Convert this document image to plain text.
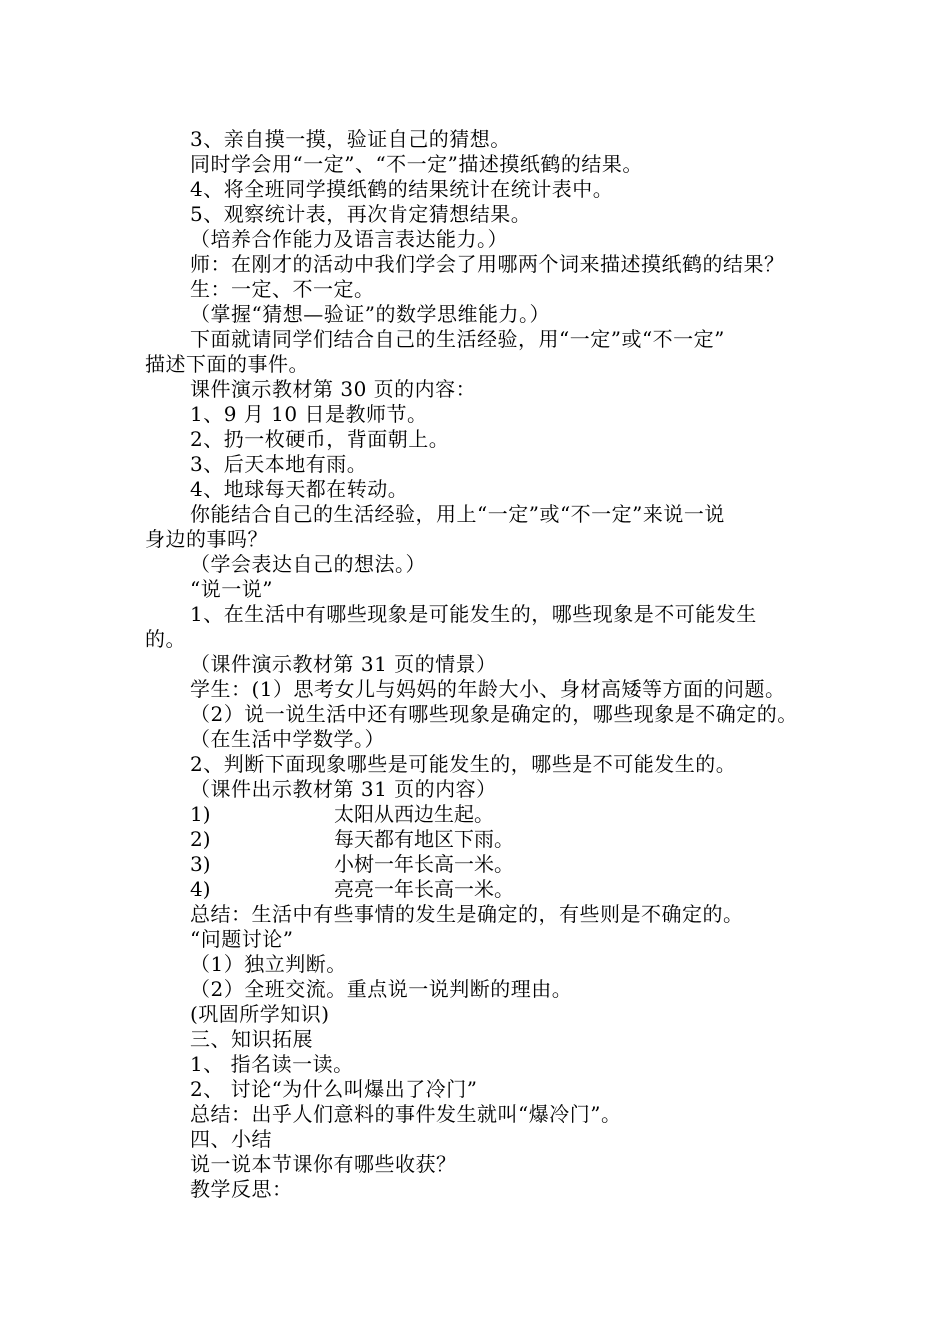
3、亲自摸一摸，验证自己的猜想。
同时学会用“一定”、“不一定”描述摸纸鹤的结果。
4、将全班同学摸纸鹤的结果统计在统计表中。
5、观察统计表，再次肯定猜想结果。
（培养合作能力及语言表达能力。）
师：在刚才的活动中我们学会了用哪两个词来描述摸纸鹤的结果？
生：一定、不一定。
（掌握“猜想—验证”的数学思维能力。）
下面就请同学们结合自己的生活经验，用“一定”或“不一定”
描述下面的事件。
课件演示教材第 30 页的内容：
1、9 月 10 日是教师节。
2、扔一枚硬币，背面朝上。
3、后天本地有雨。
4、地球每天都在转动。
你能结合自己的生活经验，用上“一定”或“不一定”来说一说
身边的事吗？
（学会表达自己的想法。）
“说一说”
1、在生活中有哪些现象是可能发生的，哪些现象是不可能发生
的。
（课件演示教材第 31 页的情景）
学生：(1）思考女儿与妈妈的年龄大小、身材高矮等方面的问题。
（2）说一说生活中还有哪些现象是确定的，哪些现象是不确定的。
（在生活中学数学。）
2、判断下面现象哪些是可能发生的，哪些是不可能发生的。
（课件出示教材第 31 页的内容）
1)	太阳从西边生起。
2)	每天都有地区下雨。
3)	小树一年长高一米。
4)	亮亮一年长高一米。
总结：生活中有些事情的发生是确定的，有些则是不确定的。
“问题讨论”
（1）独立判断。
（2）全班交流。重点说一说判断的理由。
(巩固所学知识)
三、知识拓展
1、 指名读一读。
2、 讨论“为什么叫爆出了冷门”
总结：出乎人们意料的事件发生就叫“爆冷门”。
四、小结
说一说本节课你有哪些收获？
教学反思：
